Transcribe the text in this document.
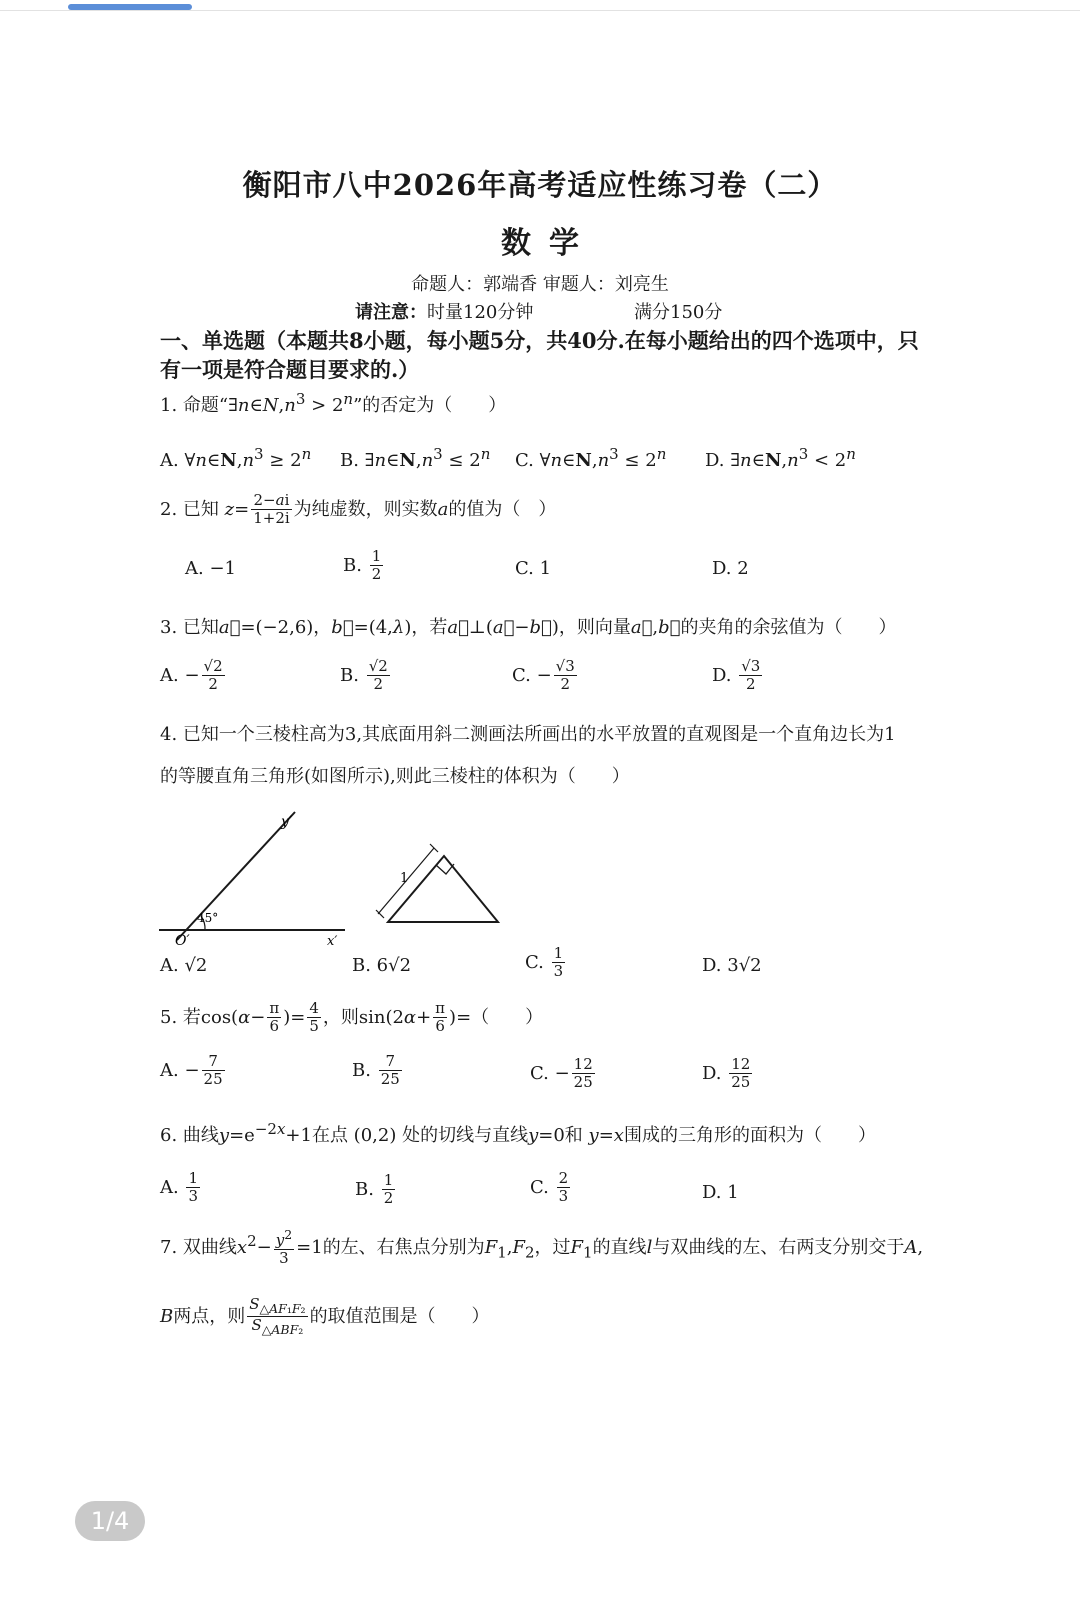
衡阳市八中2026年高考适应性练习卷（二）
数学
命题人：郭端香 审题人：刘亮生
请注意：时量120分钟	满分150分
一、单选题（本题共8小题，每小题5分，共40分.在每小题给出的四个选项中，只有一项是符合题目要求的.）
1. 命题“$\exists n\in N,n^3 > 2^n$”的否定为（　　）
A. $\forall n\in N,n^3 \ge 2^n$ B. $\exists n\in N,n^3 \le 2^n$ C. $\forall n\in N,n^3 \le 2^n$ D. $\exists n\in N,n^3 < 2^n$
2. 已知 $z= \frac{2-ai}{1+2i}$ 为纯虚数，则实数a的值为（　）
A. −1	B. $\frac{1}{2}$	C. 1	D. 2
3. 已知a⃗=(−2,6)，b⃗=(4,λ)，若a⃗⊥(a⃗−b⃗)，则向量a⃗,b⃗的夹角的余弦值为（　　）
A. − $\frac{√2}{2}$	B. $\frac{√2}{2}$	C. − $\frac{√3}{2}$	D. $\frac{√3}{2}$
4. 已知一个三棱柱高为3,其底面用斜二测画法所画出的水平放置的直观图是一个直角边长为1
的等腰直角三角形(如图所示),则此三棱柱的体积为（　　）
y′
x′
O′
45°
1
A. √2	B. 6√2	C. $\frac{1}{3}$	D. 3√2
5. 若$\cos(\alpha- \frac{\pi}{6}$ )= $\frac{4}{5}$ ，则$\sin(2\alpha+ \frac{\pi}{6}$ )=（　　）
A. − $\frac{7}{25}$	B. $\frac{7}{25}$	C. − $\frac{12}{25}$	D. $\frac{12}{25}$
6. 曲线$y=e^{-2x}+1$在点 (0,2) 处的切线与直线y=0和 y=x围成的三角形的面积为（　　）
A. $\frac{1}{3}$	B. $\frac{1}{2}$	C. $\frac{2}{3}$	D. 1
7. 双曲线$x^2- \frac{y^2}{3} =1$的左、右焦点分别为$F_1,F_2$，过$F_1$的直线l与双曲线的左、右两支分别交于A,
B两点，则 $\frac{S_{\triangle AF_1F_2}}{S_{\triangle ABF_2}}$ 的取值范围是（　　）
1/4
